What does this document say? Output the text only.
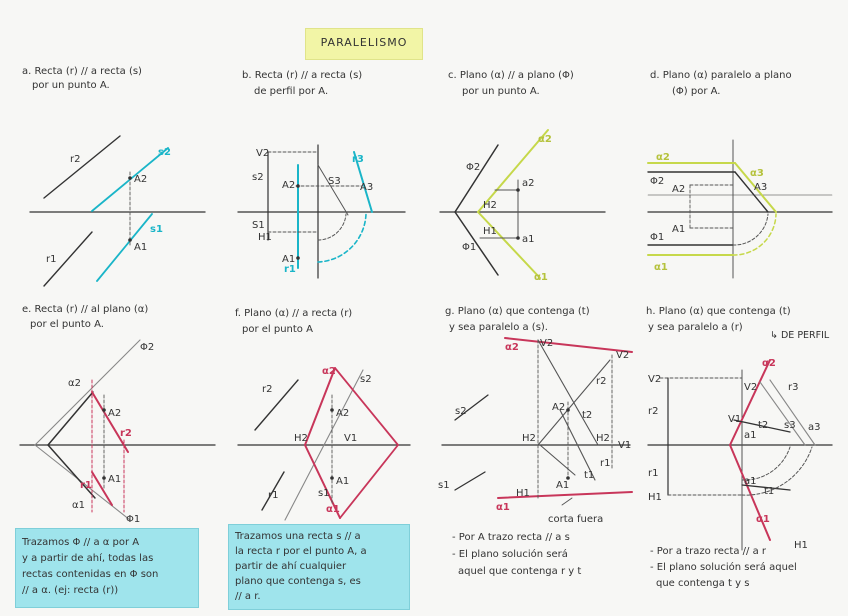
r2
r1
s2
s1
A2
A1
V2
s2
A2	S3
A3
r3
S1
H1
A1
r1
Φ2
α2
a2
H2
H1
a1
Φ1
α1
α2
α3
Φ2
A2	A3
Φ1
A1
α1
Φ2
α2
A2
r2
A1
r1
α1
Φ1
r2
α2
s2
A2
H2	V1
A1
s1
r1
α1
α2 V2
V2
r2
s2	A2
t2
H2	H2
V1
r1
A1
t1
s1
H1
α1
corta fuera
V2
V2	r3
r2
V1
a1
t2 s3 a3
r1
a1
t1
H1
α1
H1
α2
PARALELISMO
a. Recta (r) // a recta (s)
por un punto A.
b. Recta (r) // a recta (s)
de perfil por A.
c. Plano (α) // a plano (Φ)
por un punto A.
d. Plano (α) paralelo a plano
(Φ) por A.
e. Recta (r) // al plano (α)
por el punto A.
f. Plano (α) // a recta (r)
por el punto A
g. Plano (α) que contenga (t)
y sea paralelo a (s).
h. Plano (α) que contenga (t)
y sea paralelo a (r)
↳ DE PERFIL
Trazamos Φ // a α por A
y a partir de ahí, todas las
rectas contenidas en Φ son
// a α. (ej: recta (r))
Trazamos una recta s // a
la recta r por el punto A, a
partir de ahí cualquier
plano que contenga s, es
// a r.
- Por A trazo recta // a s
- El plano solución será
aquel que contenga r y t
- Por a trazo recta // a r
- El plano solución será aquel
que contenga t y s
